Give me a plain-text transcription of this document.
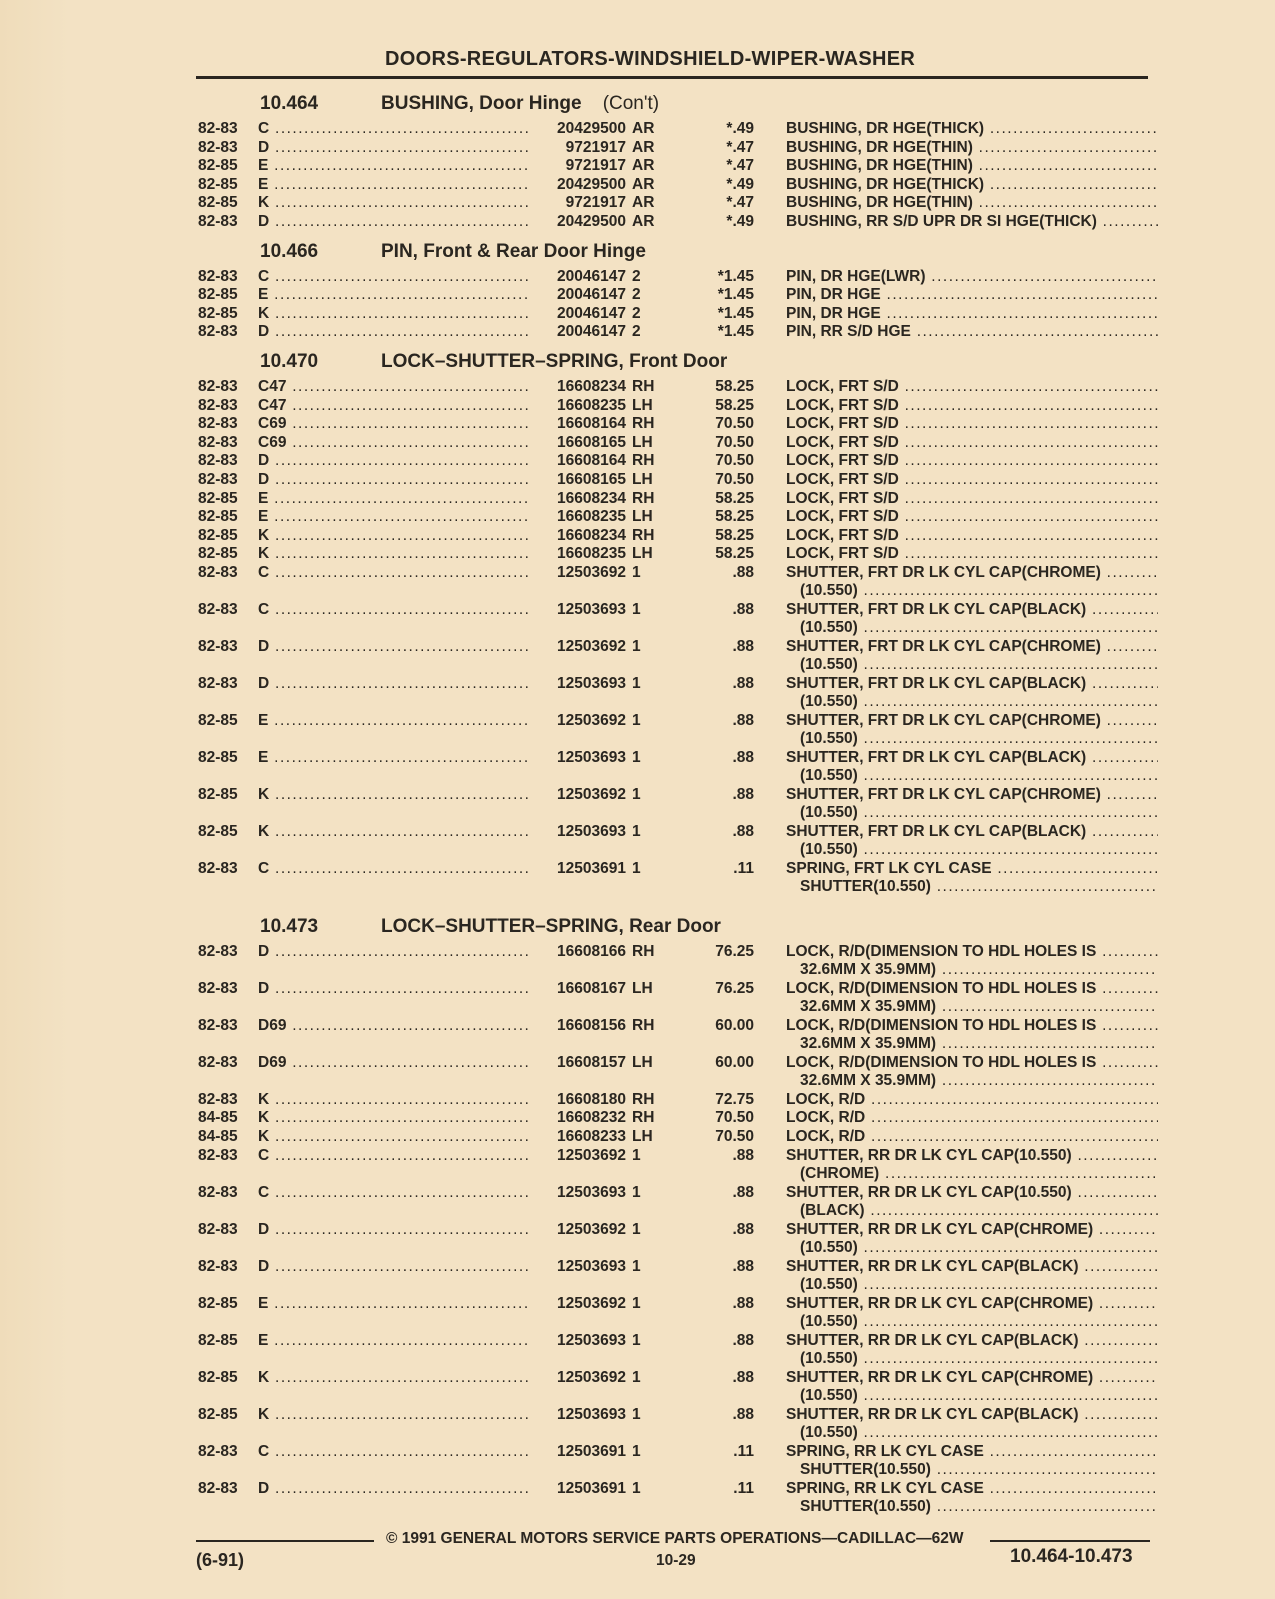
DOORS-REGULATORS-WINDSHIELD-WIPER-WASHER
10.464	BUSHING, Door Hinge (Con't)
82-83	C .....	20429500 AR	*.49 BUSHING, DR HGE(THICK) .....
82-83	D .....	9721917 AR	*.47 BUSHING, DR HGE(THIN) .....
82-85	E .....	9721917 AR	*.47 BUSHING, DR HGE(THIN) .....
82-85	E .....	20429500 AR	*.49 BUSHING, DR HGE(THICK) .....
82-85	K .....	9721917 AR	*.47 BUSHING, DR HGE(THIN) .....
82-83	D .....	20429500 AR	*.49 BUSHING, RR S/D UPR DR SI HGE(THICK) .....
10.466	PIN, Front & Rear Door Hinge
82-83	C .....	20046147 2	*1.45 PIN, DR HGE(LWR) .....
82-85	E .....	20046147 2	*1.45 PIN, DR HGE .....
82-85	K .....	20046147 2	*1.45 PIN, DR HGE .....
82-83	D .....	20046147 2	*1.45 PIN, RR S/D HGE .....
10.470	LOCK–SHUTTER–SPRING, Front Door
82-83	C47 .....	16608234 RH	58.25 LOCK, FRT S/D .....
82-83	C47 .....	16608235 LH	58.25 LOCK, FRT S/D .....
82-83	C69 .....	16608164 RH	70.50 LOCK, FRT S/D .....
82-83	C69 .....	16608165 LH	70.50 LOCK, FRT S/D .....
82-83	D .....	16608164 RH	70.50 LOCK, FRT S/D .....
82-83	D .....	16608165 LH	70.50 LOCK, FRT S/D .....
82-85	E .....	16608234 RH	58.25 LOCK, FRT S/D .....
82-85	E .....	16608235 LH	58.25 LOCK, FRT S/D .....
82-85	K .....	16608234 RH	58.25 LOCK, FRT S/D .....
82-85	K .....	16608235 LH	58.25 LOCK, FRT S/D .....
82-83	C .....	12503692 1	.88 SHUTTER, FRT DR LK CYL CAP(CHROME) .....
(10.550) .....
82-83	C .....	12503693 1	.88 SHUTTER, FRT DR LK CYL CAP(BLACK) .....
(10.550) .....
82-83	D .....	12503692 1	.88 SHUTTER, FRT DR LK CYL CAP(CHROME) .....
(10.550) .....
82-83	D .....	12503693 1	.88 SHUTTER, FRT DR LK CYL CAP(BLACK) .....
(10.550) .....
82-85	E .....	12503692 1	.88 SHUTTER, FRT DR LK CYL CAP(CHROME) .....
(10.550) .....
82-85	E .....	12503693 1	.88 SHUTTER, FRT DR LK CYL CAP(BLACK) .....
(10.550) .....
82-85	K .....	12503692 1	.88 SHUTTER, FRT DR LK CYL CAP(CHROME) .....
(10.550) .....
82-85	K .....	12503693 1	.88 SHUTTER, FRT DR LK CYL CAP(BLACK) .....
(10.550) .....
82-83	C .....	12503691 1	.11 SPRING, FRT LK CYL CASE .....
SHUTTER(10.550) .....
10.473	LOCK–SHUTTER–SPRING, Rear Door
82-83	D .....	16608166 RH	76.25 LOCK, R/D(DIMENSION TO HDL HOLES IS .....
32.6MM X 35.9MM) .....
82-83	D .....	16608167 LH	76.25 LOCK, R/D(DIMENSION TO HDL HOLES IS .....
32.6MM X 35.9MM) .....
82-83	D69 .....	16608156 RH	60.00 LOCK, R/D(DIMENSION TO HDL HOLES IS .....
32.6MM X 35.9MM) .....
82-83	D69 .....	16608157 LH	60.00 LOCK, R/D(DIMENSION TO HDL HOLES IS .....
32.6MM X 35.9MM) .....
82-83	K .....	16608180 RH	72.75 LOCK, R/D .....
84-85	K .....	16608232 RH	70.50 LOCK, R/D .....
84-85	K .....	16608233 LH	70.50 LOCK, R/D .....
82-83	C .....	12503692 1	.88 SHUTTER, RR DR LK CYL CAP(10.550) .....
(CHROME) .....
82-83	C .....	12503693 1	.88 SHUTTER, RR DR LK CYL CAP(10.550) .....
(BLACK) .....
82-83	D .....	12503692 1	.88 SHUTTER, RR DR LK CYL CAP(CHROME) .....
(10.550) .....
82-83	D .....	12503693 1	.88 SHUTTER, RR DR LK CYL CAP(BLACK) .....
(10.550) .....
82-85	E .....	12503692 1	.88 SHUTTER, RR DR LK CYL CAP(CHROME) .....
(10.550) .....
82-85	E .....	12503693 1	.88 SHUTTER, RR DR LK CYL CAP(BLACK) .....
(10.550) .....
82-85	K .....	12503692 1	.88 SHUTTER, RR DR LK CYL CAP(CHROME) .....
(10.550) .....
82-85	K .....	12503693 1	.88 SHUTTER, RR DR LK CYL CAP(BLACK) .....
(10.550) .....
82-83	C .....	12503691 1	.11 SPRING, RR LK CYL CASE .....
SHUTTER(10.550) .....
82-83	D .....	12503691 1	.11 SPRING, RR LK CYL CASE .....
SHUTTER(10.550) .....
© 1991 GENERAL MOTORS SERVICE PARTS OPERATIONS—CADILLAC—62W
(6-91)	10-29	10.464-10.473
